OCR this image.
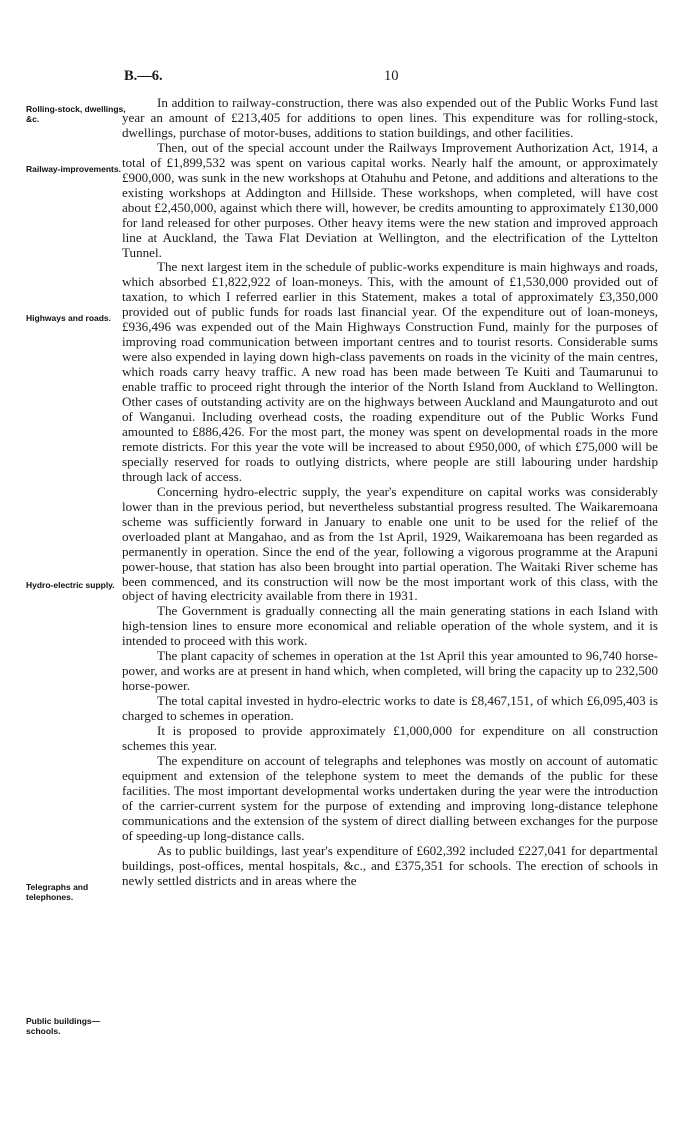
B.—6.	10
Rolling-stock, dwellings, &c.
Railway-improvements.
Highways and roads.
Hydro-electric supply.
Telegraphs and telephones.
Public buildings—schools.

In addition to railway-construction, there was also expended out of the Public Works Fund last year an amount of £213,405 for additions to open lines. This expenditure was for rolling-stock, dwellings, purchase of motor-buses, additions to station buildings, and other facilities.

Then, out of the special account under the Railways Improvement Authorization Act, 1914, a total of £1,899,532 was spent on various capital works. Nearly half the amount, or approximately £900,000, was sunk in the new workshops at Otahuhu and Petone, and additions and alterations to the existing workshops at Addington and Hillside. These workshops, when completed, will have cost about £2,450,000, against which there will, however, be credits amounting to approximately £130,000 for land released for other purposes. Other heavy items were the new station and improved approach line at Auckland, the Tawa Flat Deviation at Wellington, and the electrification of the Lyttelton Tunnel.

The next largest item in the schedule of public-works expenditure is main highways and roads, which absorbed £1,822,922 of loan-moneys. This, with the amount of £1,530,000 provided out of taxation, to which I referred earlier in this Statement, makes a total of approximately £3,350,000 provided out of public funds for roads last financial year. Of the expenditure out of loan-moneys, £936,496 was expended out of the Main Highways Construction Fund, mainly for the purposes of improving road communication between important centres and to tourist resorts. Considerable sums were also expended in laying down high-class pavements on roads in the vicinity of the main centres, which roads carry heavy traffic. A new road has been made between Te Kuiti and Taumarunui to enable traffic to proceed right through the interior of the North Island from Auckland to Wellington. Other cases of outstanding activity are on the highways between Auckland and Maungaturoto and out of Wanganui. Including overhead costs, the roading expenditure out of the Public Works Fund amounted to £886,426. For the most part, the money was spent on developmental roads in the more remote districts. For this year the vote will be increased to about £950,000, of which £75,000 will be specially reserved for roads to outlying districts, where people are still labouring under hardship through lack of access.

Concerning hydro-electric supply, the year's expenditure on capital works was considerably lower than in the previous period, but nevertheless substantial progress resulted. The Waikaremoana scheme was sufficiently forward in January to enable one unit to be used for the relief of the overloaded plant at Mangahao, and as from the 1st April, 1929, Waikaremoana has been regarded as permanently in operation. Since the end of the year, following a vigorous programme at the Arapuni power-house, that station has also been brought into partial operation. The Waitaki River scheme has been commenced, and its construction will now be the most important work of this class, with the object of having electricity available from there in 1931.

The Government is gradually connecting all the main generating stations in each Island with high-tension lines to ensure more economical and reliable operation of the whole system, and it is intended to proceed with this work.

The plant capacity of schemes in operation at the 1st April this year amounted to 96,740 horse-power, and works are at present in hand which, when completed, will bring the capacity up to 232,500 horse-power.

The total capital invested in hydro-electric works to date is £8,467,151, of which £6,095,403 is charged to schemes in operation.

It is proposed to provide approximately £1,000,000 for expenditure on all construction schemes this year.

The expenditure on account of telegraphs and telephones was mostly on account of automatic equipment and extension of the telephone system to meet the demands of the public for these facilities. The most important developmental works undertaken during the year were the introduction of the carrier-current system for the purpose of extending and improving long-distance telephone communications and the extension of the system of direct dialling between exchanges for the purpose of speeding-up long-distance calls.

As to public buildings, last year's expenditure of £602,392 included £227,041 for departmental buildings, post-offices, mental hospitals, &c., and £375,351 for schools. The erection of schools in newly settled districts and in areas where the
